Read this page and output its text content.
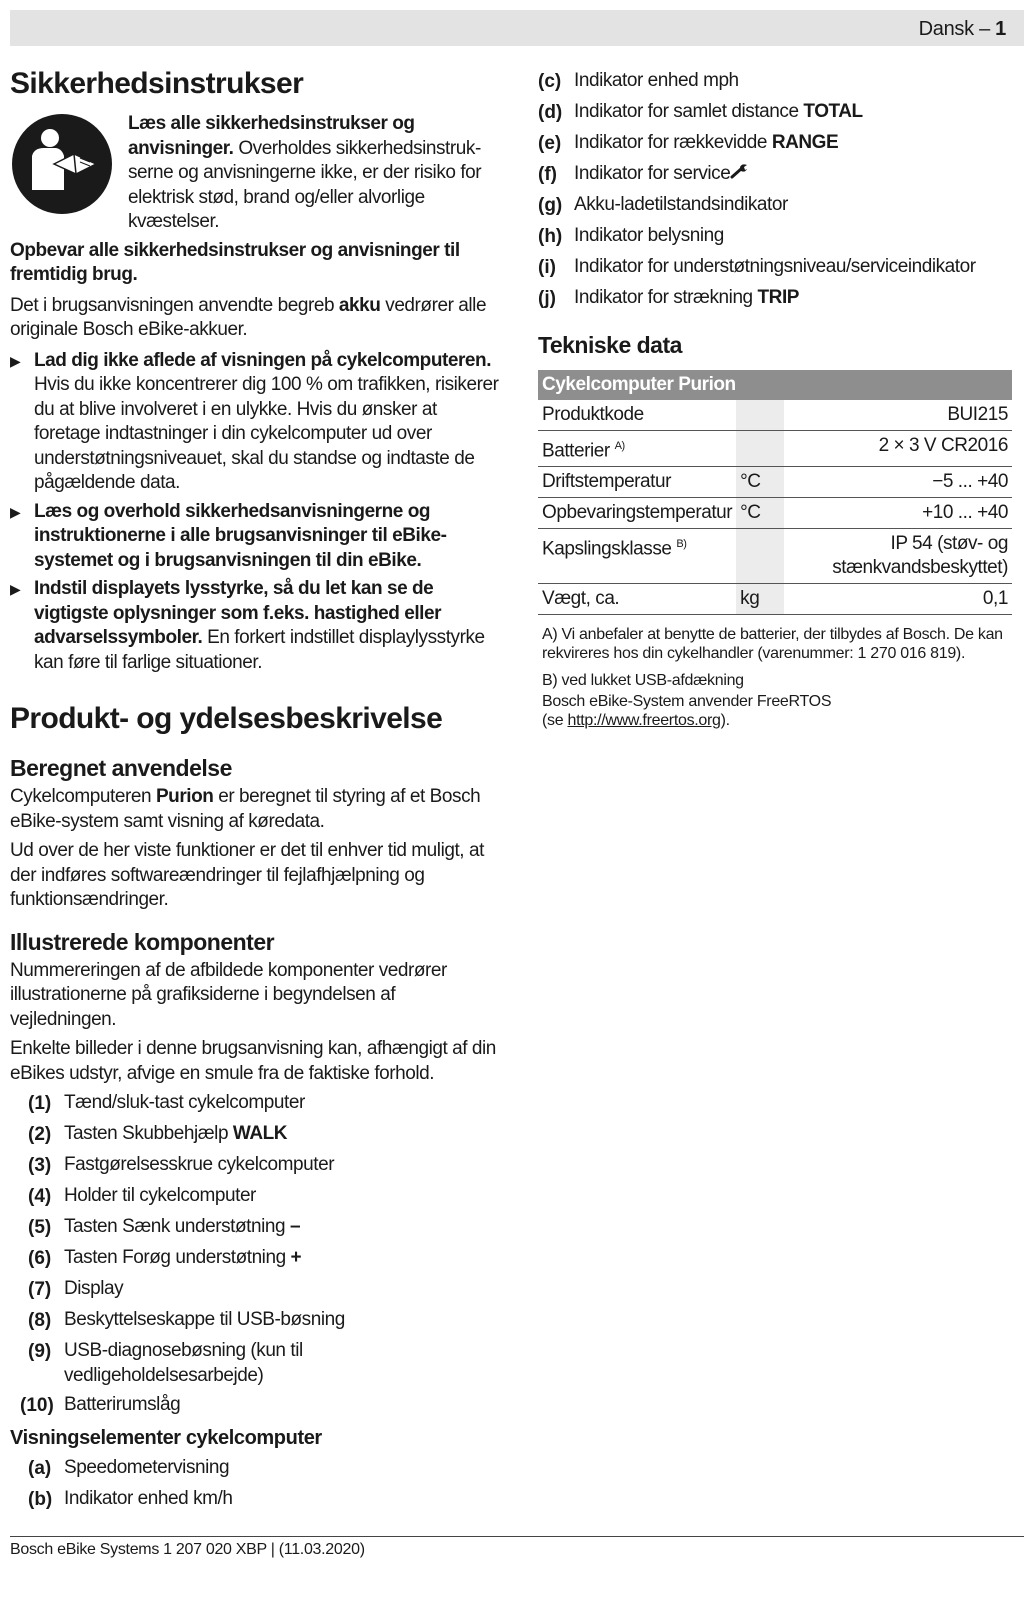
Dansk – 1
Sikkerhedsinstrukser

Læs alle sikkerhedsinstrukser og anvisninger. Overholdes sikkerhedsinstrukserne og anvisningerne ikke, er der risiko for elektrisk stød, brand og/eller alvorlige kvæstelser.

Opbevar alle sikkerhedsinstrukser og anvisninger til fremtidig brug.

Det i brugsanvisningen anvendte begreb akku vedrører alle originale Bosch eBike-akkuer.

▶ Lad dig ikke aflede af visningen på cykelcomputeren. Hvis du ikke koncentrerer dig 100 % om trafikken, risikerer du at blive involveret i en ulykke. Hvis du ønsker at foretage indtastninger i din cykelcomputer ud over understøtningsniveauet, skal du standse og indtaste de pågældende data.

▶ Læs og overhold sikkerhedsanvisningerne og instruktionerne i alle brugsanvisninger til eBike-systemet og i brugsanvisningen til din eBike.

▶ Indstil displayets lysstyrke, så du let kan se de vigtigste oplysninger som f.eks. hastighed eller advarselssymboler. En forkert indstillet displaylysstyrke kan føre til farlige situationer.

Produkt- og ydelsesbeskrivelse
Beregnet anvendelse

Cykelcomputeren Purion er beregnet til styring af et Bosch eBike-system samt visning af køredata.

Ud over de her viste funktioner er det til enhver tid muligt, at der indføres softwareændringer til fejlafhjælpning og funktionsændringer.

Illustrerede komponenter

Nummereringen af de afbildede komponenter vedrører illustrationerne på grafiksiderne i begyndelsen af vejledningen.

Enkelte billeder i denne brugsanvisning kan, afhængigt af din eBikes udstyr, afvige en smule fra de faktiske forhold.

(1) Tænd/sluk-tast cykelcomputer
(2) Tasten Skubbehjælp WALK
(3) Fastgørelsesskrue cykelcomputer
(4) Holder til cykelcomputer
(5) Tasten Sænk understøtning –
(6) Tasten Forøg understøtning +
(7) Display
(8) Beskyttelseskappe til USB-bøsning
(9) USB-diagnosebøsning (kun til vedligeholdelsesarbejde)
(10) Batterirumslåg
Visningselementer cykelcomputer
(a) Speedometervisning
(b) Indikator enhed km/h
(c) Indikator enhed mph
(d) Indikator for samlet distance TOTAL
(e) Indikator for rækkevidde RANGE
(f) Indikator for service
(g) Akku-ladetilstandsindikator
(h) Indikator belysning
(i) Indikator for understøtningsniveau/serviceindikator
(j) Indikator for strækning TRIP
Tekniske data
Cykelcomputer Purion		
Produktkode		BUI215
Batterier $^{A)}$		2 × 3 V CR2016
Driftstemperatur	°C	−5 ... +40
Opbevaringstemperatur	°C	+10 ... +40
Kapslingsklasse $^{B)}$		IP 54 (støv- og stænkvandsbeskyttet)
Vægt, ca.	kg	0,1

A) Vi anbefaler at benytte de batterier, der tilbydes af Bosch. De kan rekvireres hos din cykelhandler (varenummer: 1 270 016 819).

B) ved lukket USB-afdækning

Bosch eBike-System anvender FreeRTOS
(se http://www.freertos.org).

Bosch eBike Systems 1 207 020 XBP | (11.03.2020)
